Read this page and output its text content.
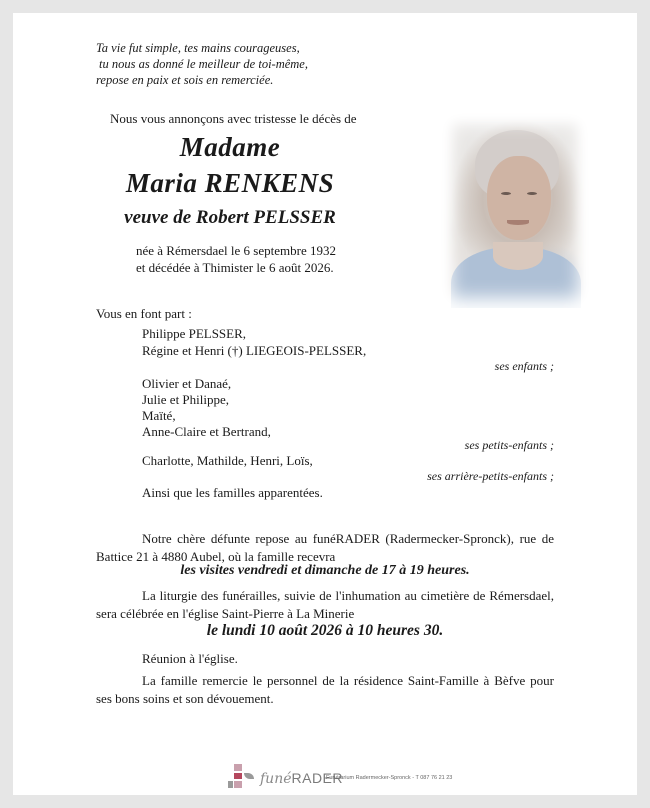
Ta vie fut simple, tes mains courageuses,
tu nous as donné le meilleur de toi-même,
repose en paix et sois en remerciée.
Nous vous annonçons avec tristesse le décès de
Madame
Maria RENKENS
veuve de Robert PELSSER
née à Rémersdael le 6 septembre 1932
et décédée à Thimister le 6 août 2026.
Vous en font part :
Philippe PELSSER,
Régine et Henri (†) LIEGEOIS-PELSSER,
ses enfants ;
Olivier et Danaé,
Julie et Philippe,
Maïté,
Anne-Claire et Bertrand,
ses petits-enfants ;
Charlotte, Mathilde, Henri, Loïs,
ses arrière-petits-enfants ;
Ainsi que les familles apparentées.
Notre chère défunte repose au funéRADER (Radermecker-Spronck), rue de Battice 21 à 4880 Aubel, où la famille recevra
les visites vendredi et dimanche de 17 à 19 heures.
La liturgie des funérailles, suivie de l'inhumation au cimetière de Rémersdael, sera célébrée en l'église Saint-Pierre à La Minerie
le lundi 10 août 2026 à 10 heures 30.
Réunion à l'église.
La famille remercie le personnel de la résidence Saint-Famille à Bèfve pour ses bons soins et son dévouement.
funéRADER
Funérarium Radermecker-Spronck - T 087 76 21 23
